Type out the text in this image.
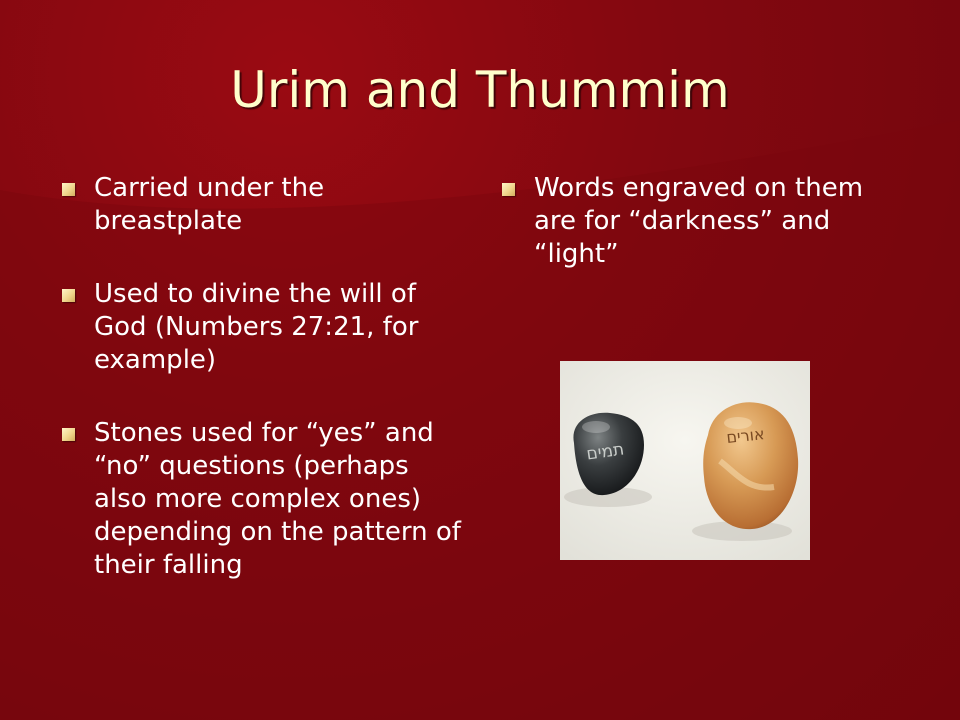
Urim and Thummim
Carried under the breastplate
Used to divine the will of God (Numbers 27:21, for example)
Stones used for “yes” and “no” questions (perhaps also more complex ones) depending on the pattern of their falling
Words engraved on them are for “darkness” and “light”
תמים
אורים
